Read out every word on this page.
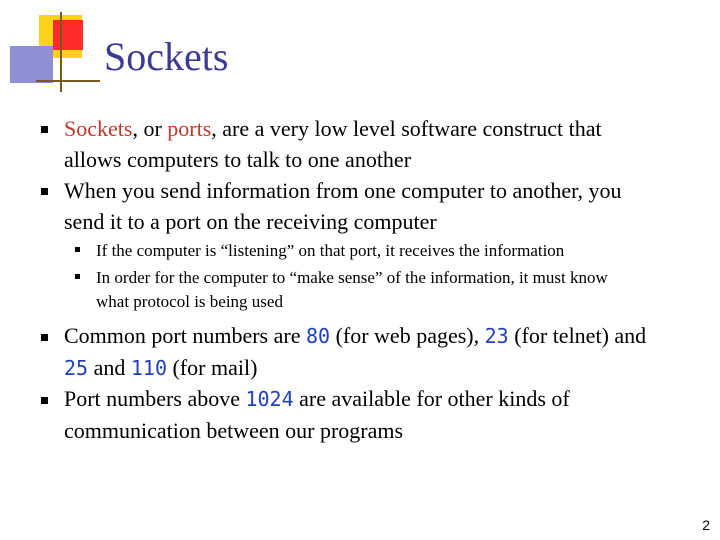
Sockets
Sockets, or ports, are a very low level software construct that
allows computers to talk to one another
When you send information from one computer to another, you
send it to a port on the receiving computer
If the computer is “listening” on that port, it receives the information
In order for the computer to “make sense” of the information, it must know
what protocol is being used
Common port numbers are 80 (for web pages), 23 (for telnet) and
25 and 110 (for mail)
Port numbers above 1024 are available for other kinds of
communication between our programs
2
